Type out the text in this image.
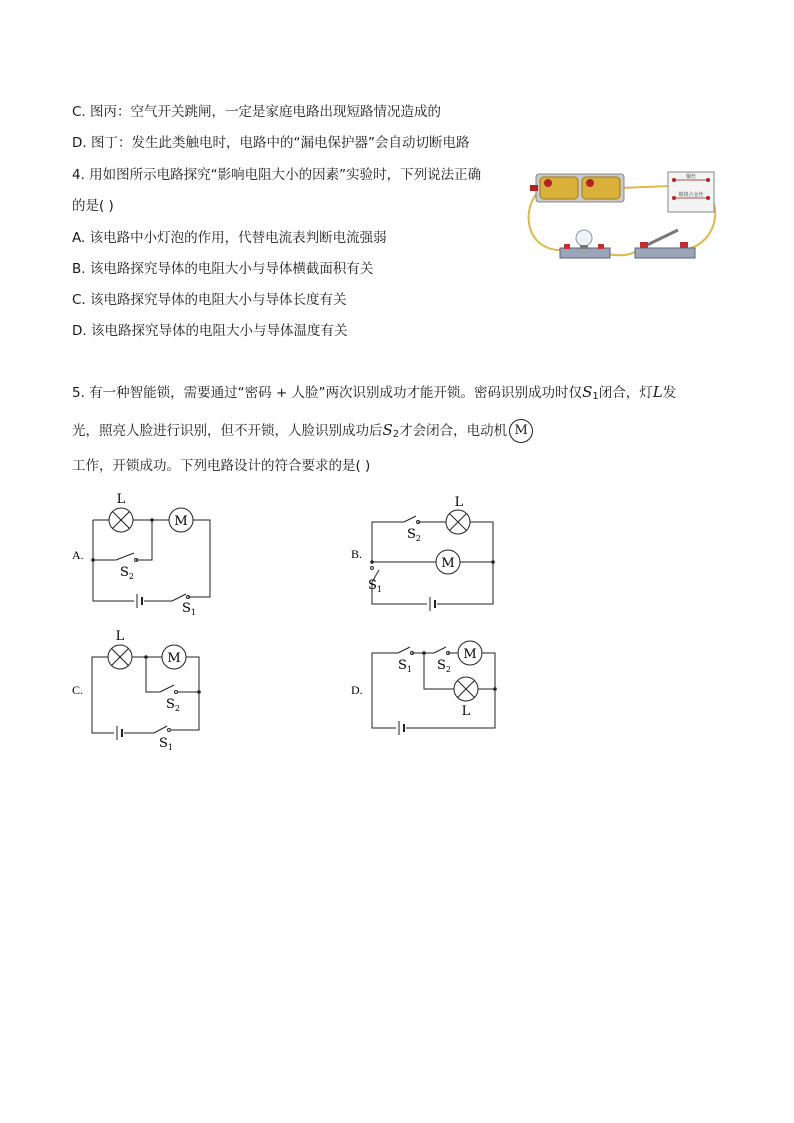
C. 图丙：空气开关跳闸，一定是家庭电路出现短路情况造成的
D. 图丁：发生此类触电时，电路中的“漏电保护器”会自动切断电路
4. 用如图所示电路探究“影响电阻大小的因素”实验时，下列说法正确
的是( )
A. 该电路中小灯泡的作用，代替电流表判断电流强弱
B. 该电路探究导体的电阻大小与导体横截面积有关
C. 该电路探究导体的电阻大小与导体长度有关
D. 该电路探究导体的电阻大小与导体温度有关
铜丝
镍铬合金丝
5. 有一种智能锁，需要通过“密码 + 人脸”两次识别成功才能开锁。密码识别成功时仅$S_1$闭合，灯L发
光，照亮人脸进行识别，但不开锁，人脸识别成功后$S_2$才会闭合，电动机 M
工作，开锁成功。下列电路设计的符合要求的是( )
A.
L
M
$S_2$
$S_1$
B.
$S_2$
L
M
$S_1$
C.
L
M
$S_2$
$S_1$
D.
$S_1$ $S_2$
M
L
